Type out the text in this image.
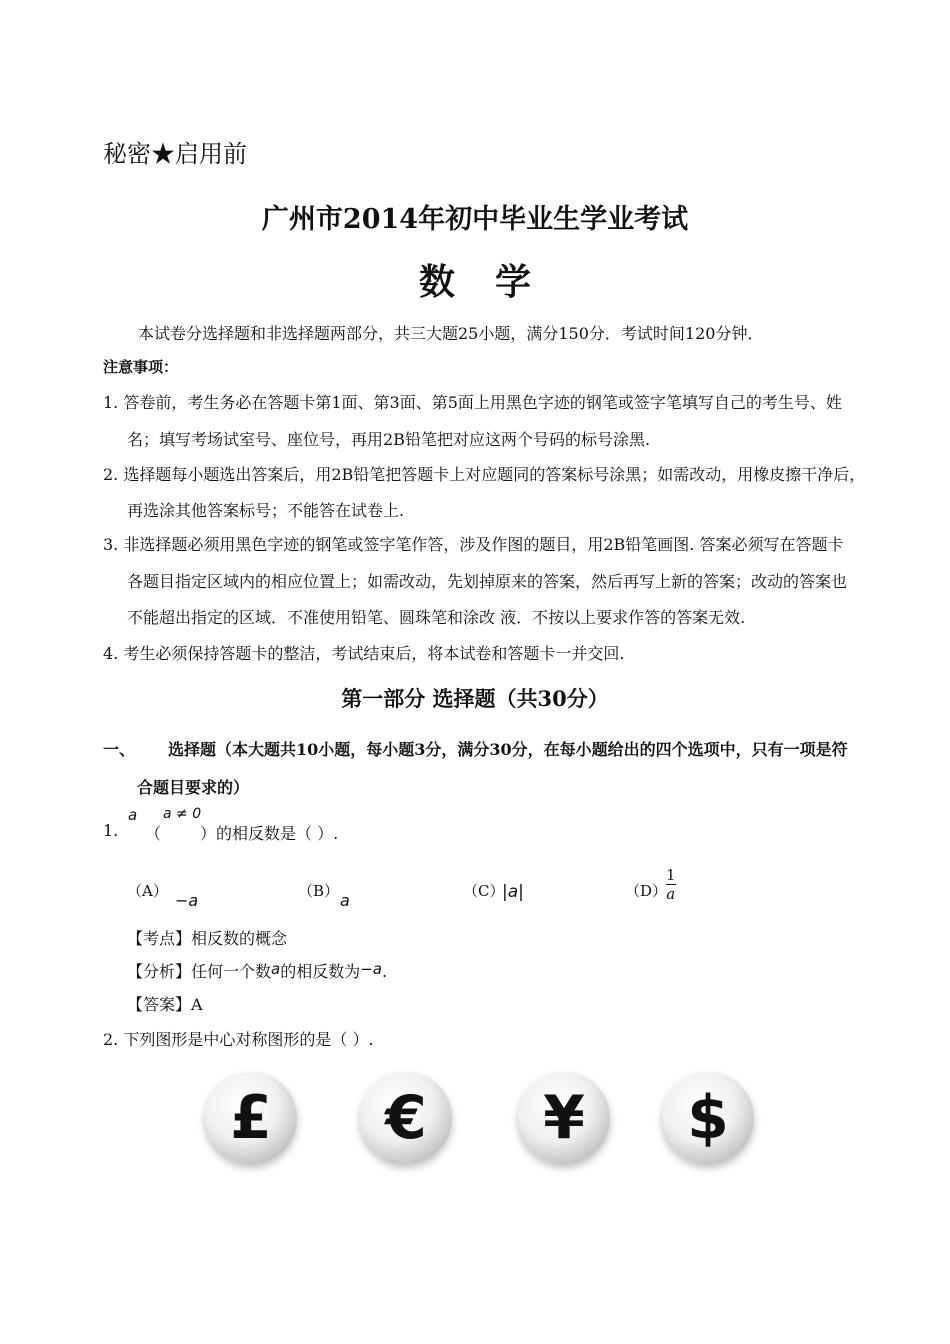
秘密★启用前
广州市2014年初中毕业生学业考试
数学
本试卷分选择题和非选择题两部分，共三大题25小题，满分150分．考试时间120分钟．
注意事项：
1. 答卷前，考生务必在答题卡第1面、第3面、第5面上用黑色字迹的钢笔或签字笔填写自己的考生号、姓
名；填写考场试室号、座位号，再用2B铅笔把对应这两个号码的标号涂黑.
2. 选择题每小题选出答案后，用2B铅笔把答题卡上对应题同的答案标号涂黑；如需改动，用橡皮擦干净后，
再选涂其他答案标号；不能答在试卷上.
3. 非选择题必须用黑色字迹的钢笔或签字笔作答，涉及作图的题目，用2B铅笔画图. 答案必须写在答题卡
各题目指定区域内的相应位置上；如需改动，先划掉原来的答案，然后再写上新的答案；改动的答案也
不能超出指定的区域．不准使用铅笔、圆珠笔和涂改 液．不按以上要求作答的答案无效.
4. 考生必须保持答题卡的整洁，考试结束后，将本试卷和答题卡一并交回.
第一部分 选择题（共30分）
一、 选择题（本大题共10小题，每小题3分，满分30分，在每小题给出的四个选项中，只有一项是符
合题目要求的）
1.
a
（
a ≠ 0
）的相反数是（ ）.
（A） −a	（B） a	（C）
|a|	（D）
$\frac{1}{a}$
【考点】相反数的概念
【分析】任何一个数a的相反数为−a.
【答案】A
2. 下列图形是中心对称图形的是（ ）.
£ € ¥ $
